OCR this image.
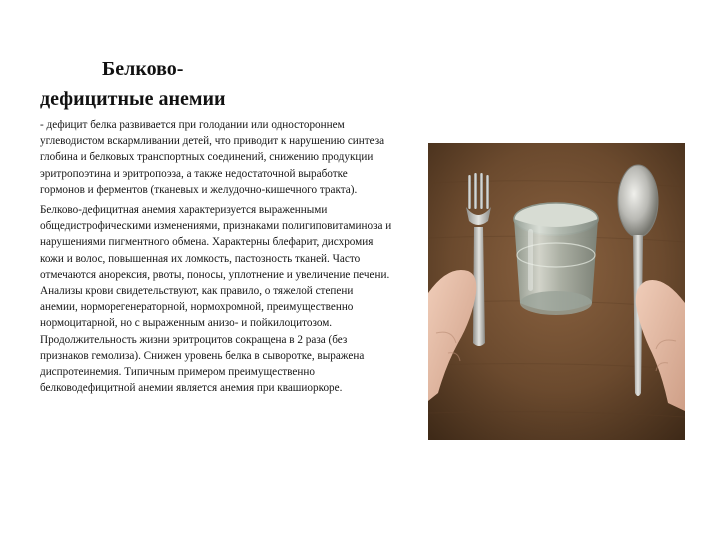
Белково-
дефицитные анемии

- дефицит белка развивается при голодании или одностороннем углеводистом вскармливании детей, что приводит к нарушению синтеза глобина и белковых транспортных соединений, снижению продукции эритропоэтина и эритропоэза, а также недостаточной выработке гормонов и ферментов (тканевых и желудочно-кишечного тракта).

Белково-дефицитная анемия характеризуется выраженными общедистрофическими изменениями, признаками полигиповитаминоза и нарушениями пигментного обмена. Характерны блефарит, дисхромия кожи и волос, повышенная их ломкость, пастозность тканей. Часто отмечаются анорексия, рвоты, поносы, уплотнение и увеличение печени. Анализы крови свидетельствуют, как правило, о тяжелой степени анемии, норморегенераторной, нормохромной, преимущественно нормоцитарной, но с выраженным анизо- и пойкилоцитозом. Продолжительность жизни эритроцитов сокращена в 2 раза (без признаков гемолиза). Снижен уровень белка в сыворотке, выражена диспротеинемия. Типичным примером преимущественно белководефицитной анемии является анемия при квашиоркоре.
